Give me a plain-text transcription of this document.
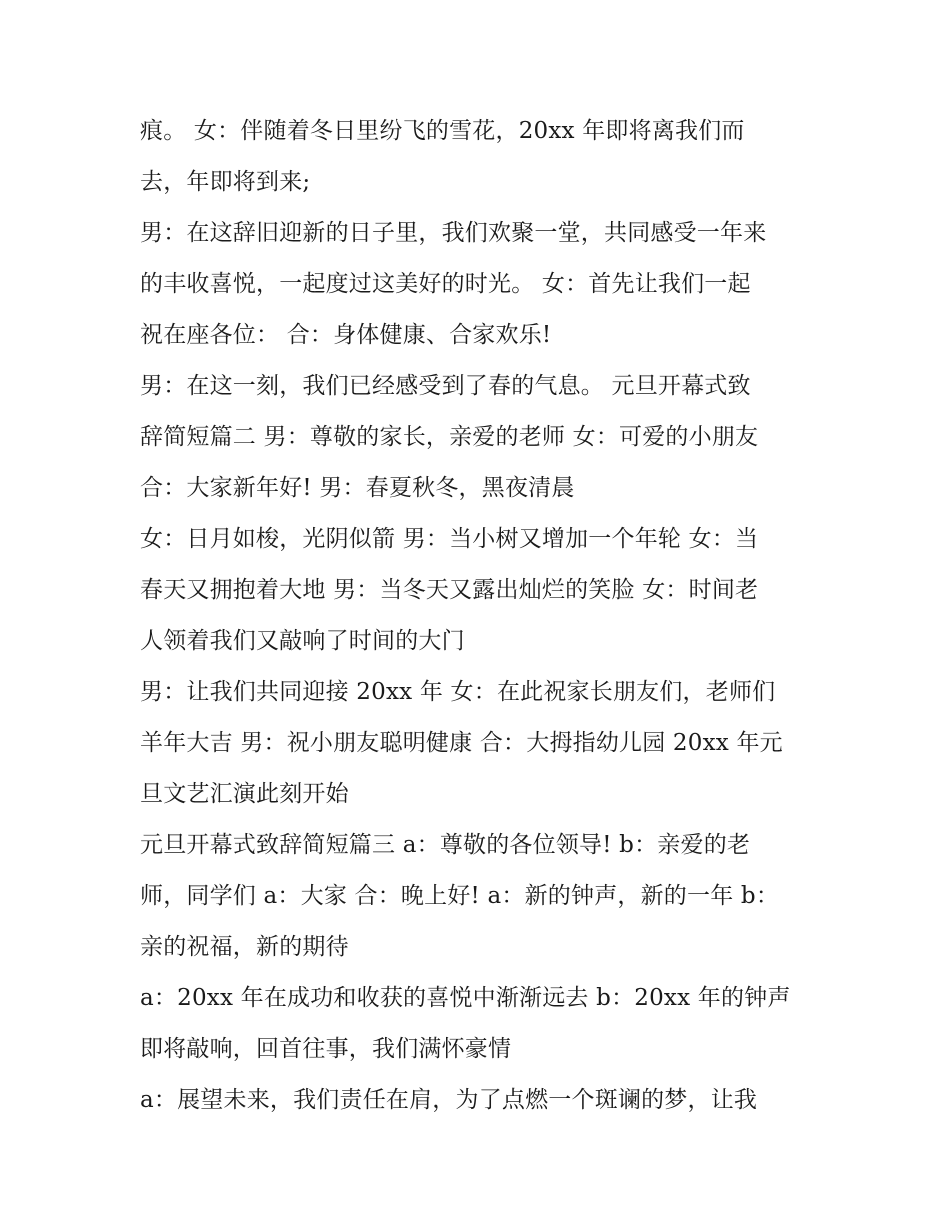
痕。 女：伴随着冬日里纷飞的雪花，20xx 年即将离我们而
去，年即将到来;
男：在这辞旧迎新的日子里，我们欢聚一堂，共同感受一年来
的丰收喜悦，一起度过这美好的时光。 女：首先让我们一起
祝在座各位： 合：身体健康、合家欢乐!
男：在这一刻，我们已经感受到了春的气息。 元旦开幕式致
辞简短篇二 男：尊敬的家长，亲爱的老师 女：可爱的小朋友
合：大家新年好! 男：春夏秋冬，黑夜清晨
女：日月如梭，光阴似箭 男：当小树又增加一个年轮 女：当
春天又拥抱着大地 男：当冬天又露出灿烂的笑脸 女：时间老
人领着我们又敲响了时间的大门
男：让我们共同迎接 20xx 年 女：在此祝家长朋友们，老师们
羊年大吉 男：祝小朋友聪明健康 合：大拇指幼儿园 20xx 年元
旦文艺汇演此刻开始
元旦开幕式致辞简短篇三 a：尊敬的各位领导! b：亲爱的老
师，同学们 a：大家 合：晚上好! a：新的钟声，新的一年 b：
亲的祝福，新的期待
a：20xx 年在成功和收获的喜悦中渐渐远去 b：20xx 年的钟声
即将敲响，回首往事，我们满怀豪情
a：展望未来，我们责任在肩，为了点燃一个斑谰的梦，让我
